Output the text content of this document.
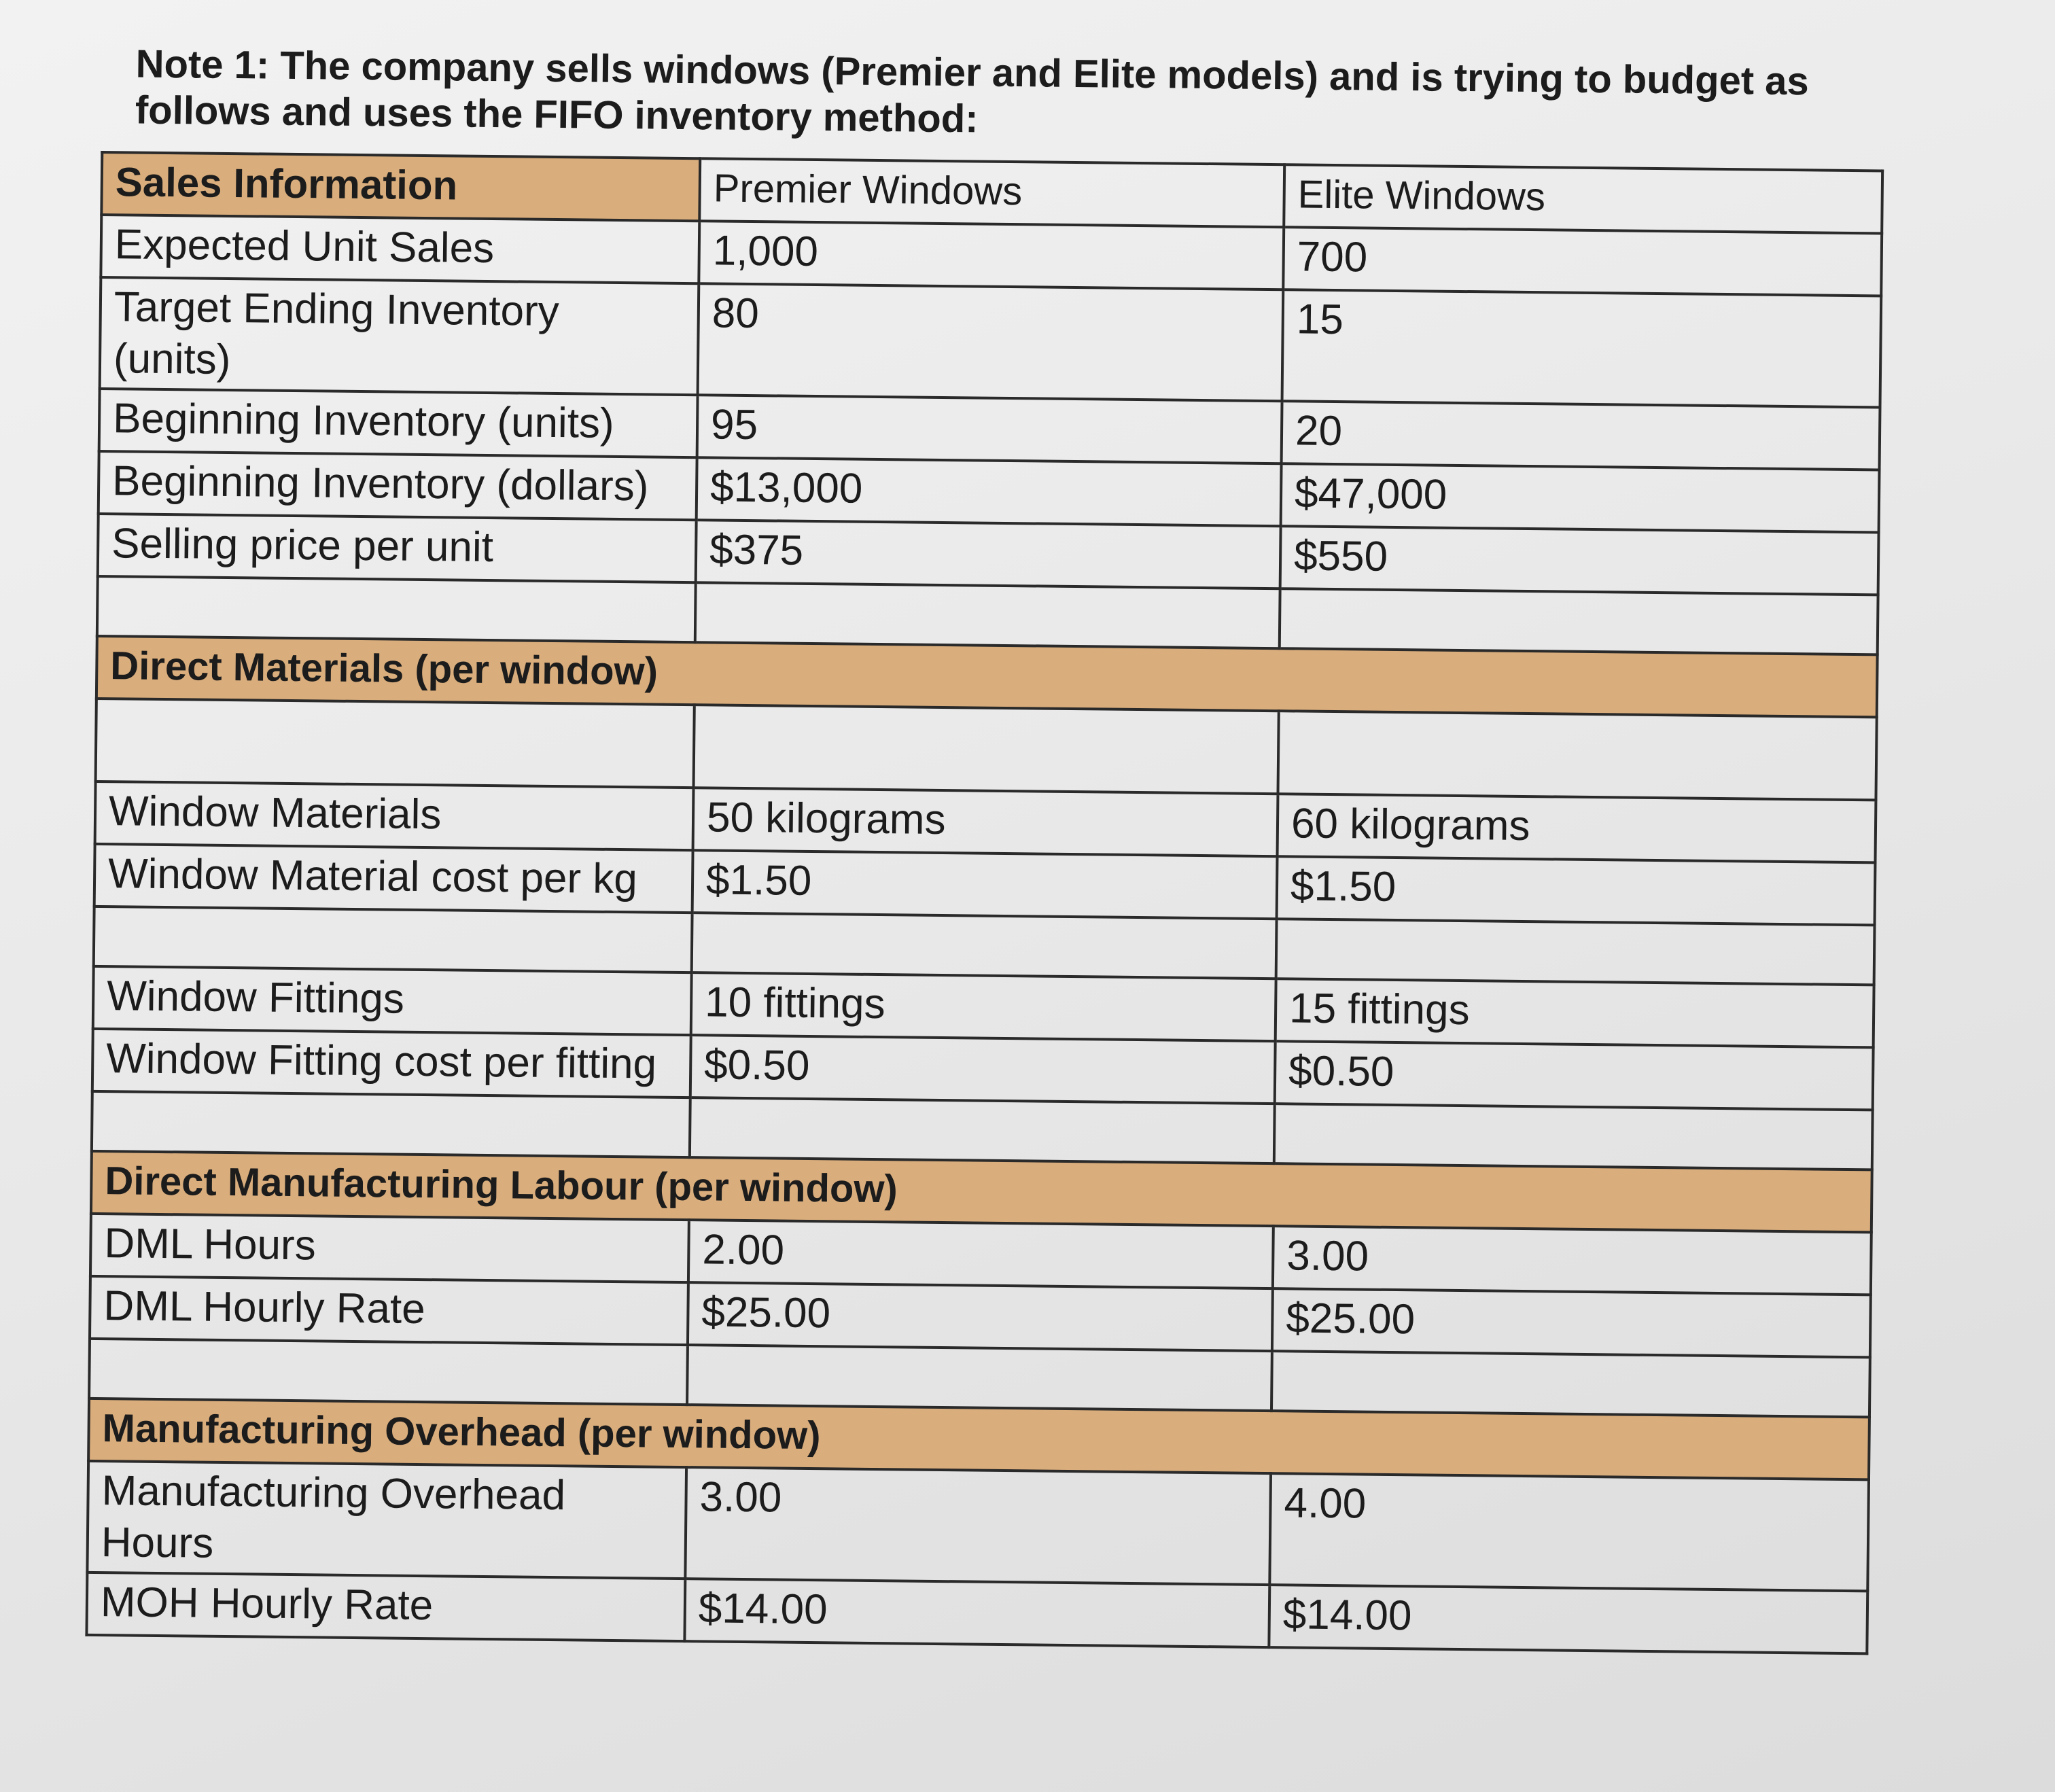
Note 1: The company sells windows (Premier and Elite models) and is trying to budget as follows and uses the FIFO inventory method:
Sales Information	Premier Windows	Elite Windows
Expected Unit Sales	1,000	700
Target Ending Inventory (units)	80	15
Beginning Inventory (units)	95	20
Beginning Inventory (dollars)	$13,000	$47,000
Selling price per unit	$375	$550

Direct Materials (per window)		

Window Materials	50 kilograms	60 kilograms
Window Material cost per kg	$1.50	$1.50

Window Fittings	10 fittings	15 fittings
Window Fitting cost per fitting	$0.50	$0.50

Direct Manufacturing Labour (per window)		
DML Hours	2.00	3.00
DML Hourly Rate	$25.00	$25.00

Manufacturing Overhead (per window)		
Manufacturing Overhead Hours	3.00	4.00
MOH Hourly Rate	$14.00	$14.00
